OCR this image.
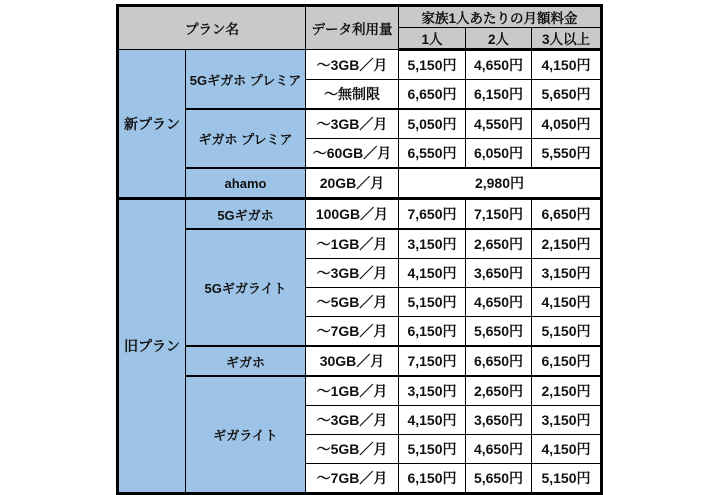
プラン名		データ利用量	家族1人あたりの月額料金		
			1人	2人	3人以上
新プラン	5Gギガホ プレミア	～3GB／月	5,150円	4,650円	4,150円
		～無制限	6,650円	6,150円	5,650円
	ギガホ プレミア	～3GB／月	5,050円	4,550円	4,050円
		～60GB／月	6,550円	6,050円	5,550円
	ahamo	20GB／月	2,980円		
旧プラン	5Gギガホ	100GB／月	7,650円	7,150円	6,650円
	5Gギガライト	～1GB／月	3,150円	2,650円	2,150円
		～3GB／月	4,150円	3,650円	3,150円
		～5GB／月	5,150円	4,650円	4,150円
		～7GB／月	6,150円	5,650円	5,150円
	ギガホ	30GB／月	7,150円	6,650円	6,150円
	ギガライト	～1GB／月	3,150円	2,650円	2,150円
		～3GB／月	4,150円	3,650円	3,150円
		～5GB／月	5,150円	4,650円	4,150円
		～7GB／月	6,150円	5,650円	5,150円
